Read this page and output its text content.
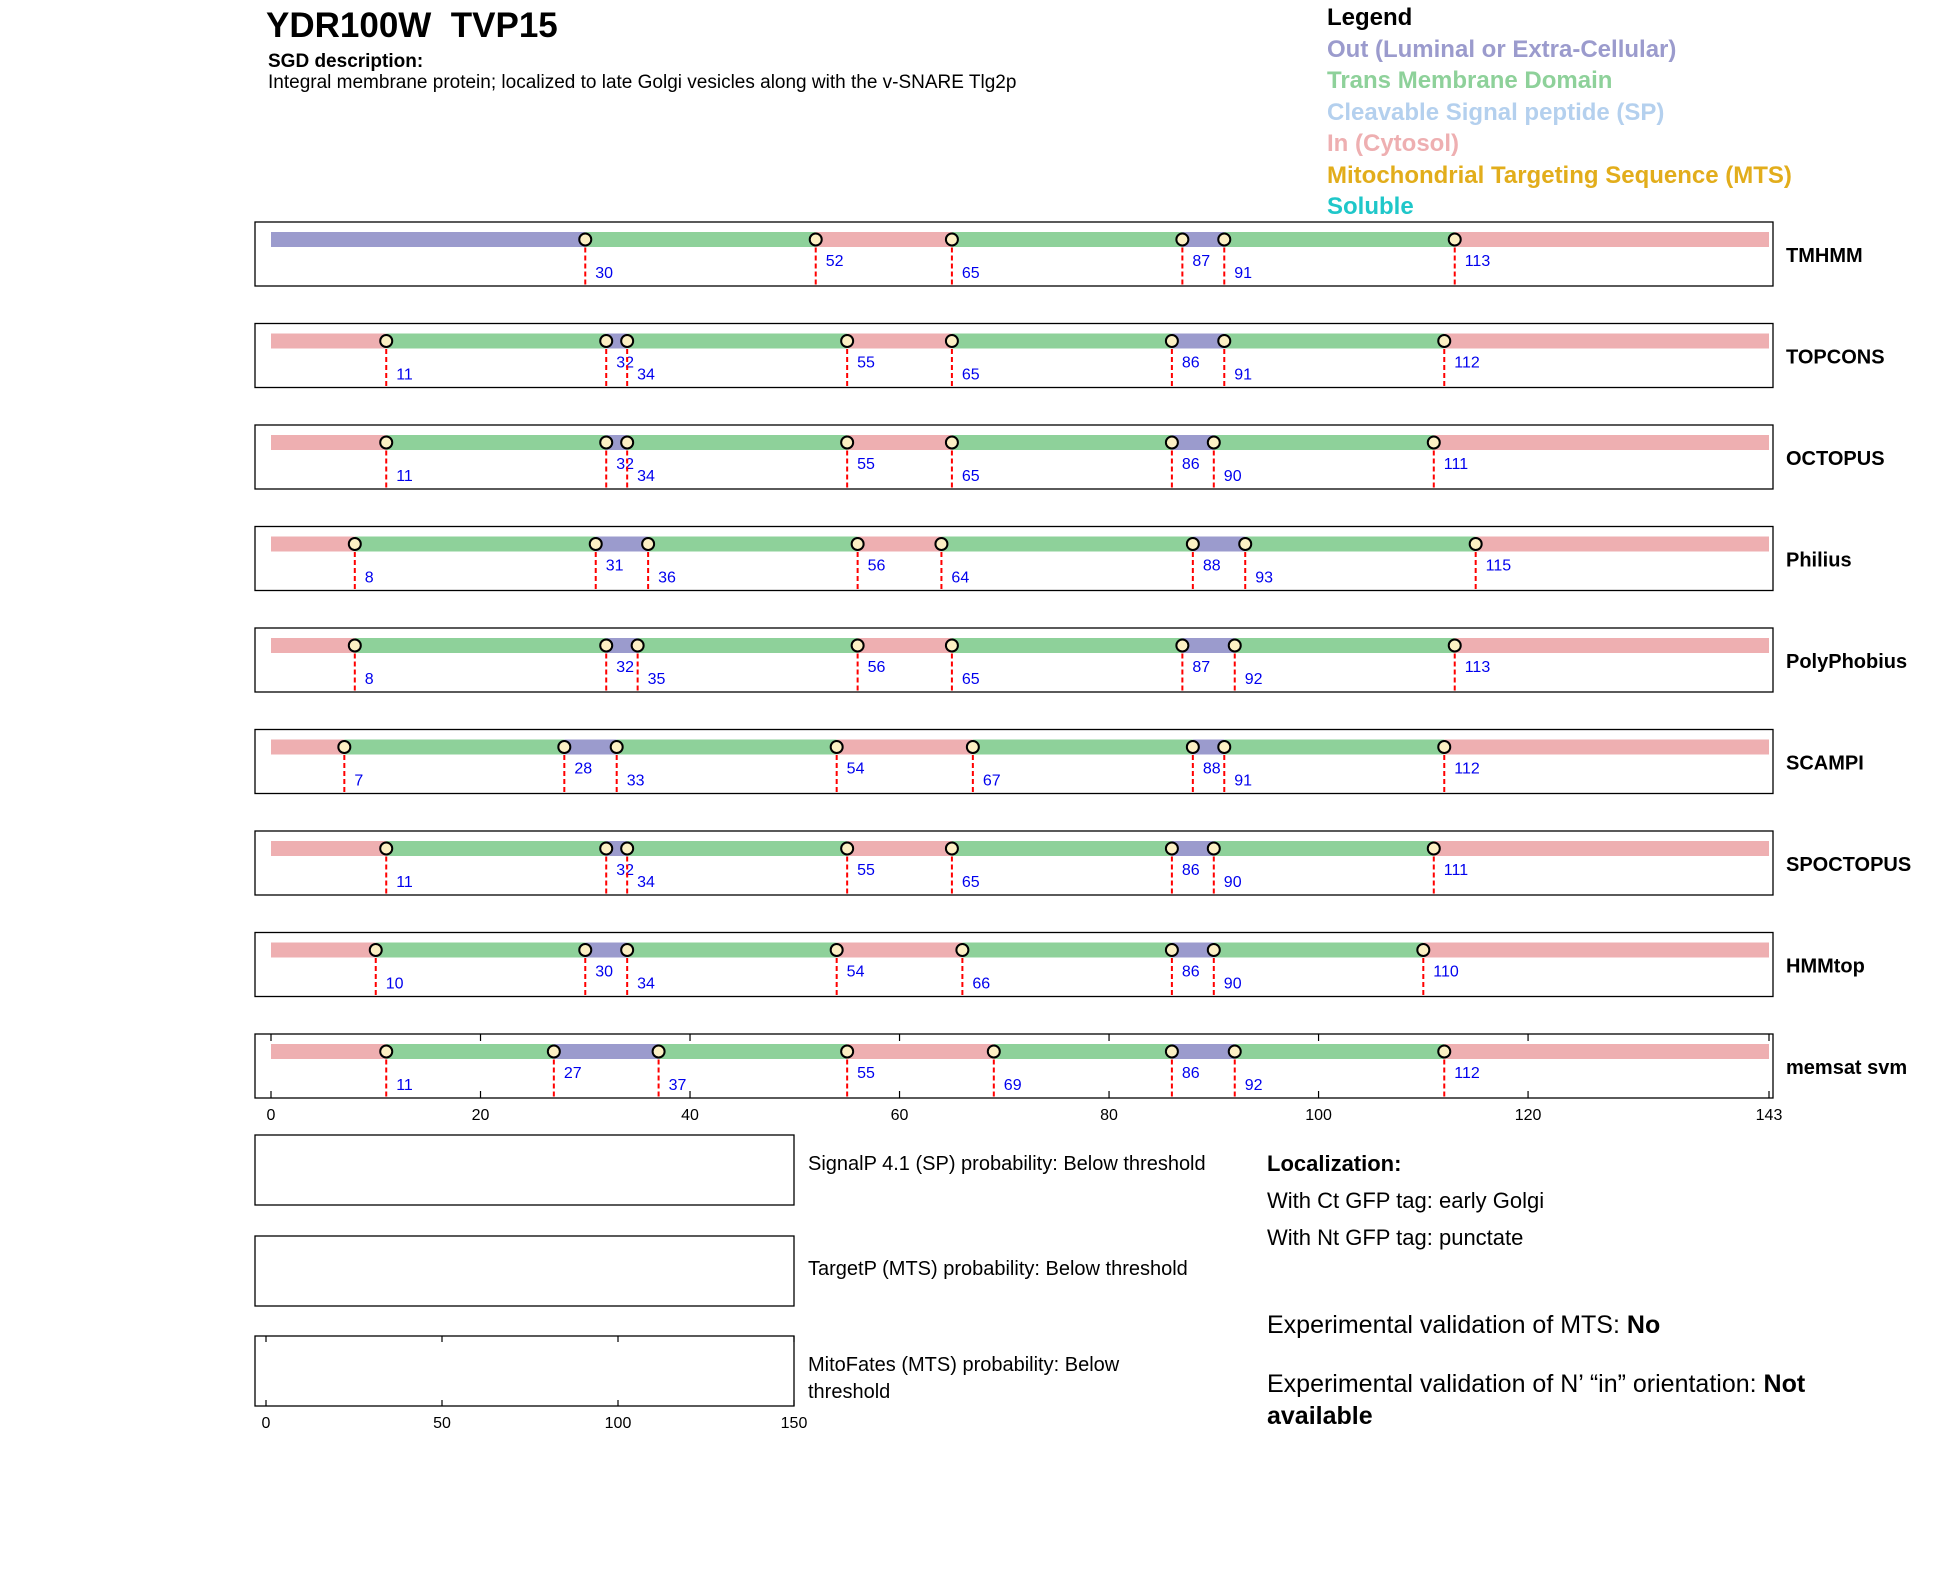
YDR100W  TVP15
SGD description:
Integral membrane protein; localized to late Golgi vesicles along with the v-SNARE Tlg2p
Legend
Out (Luminal or Extra-Cellular)
Trans Membrane Domain
Cleavable Signal peptide (SP)
In (Cytosol)
Mitochondrial Targeting Sequence (MTS)
Soluble
30
52
65
87
91
113	TMHMM
11
32
34
55
65
86
91
112	TOPCONS
11
32
34
55
65
86
90
111	OCTOPUS
8
31
36
56
64
88
93
115	Philius
8
32
35
56
65
87
92
113	PolyPhobius
7
28
33
54
67
88
91
112	SCAMPI
11
32
34
55
65
86
90
111	SPOCTOPUS
10
30
34
54
66
86
90
110	HMMtop
11
27
37
55
69
86
92
112	memsat svm
0	20	40	60	80	100	120	143
0	50	100	150
SignalP 4.1 (SP) probability: Below threshold
TargetP (MTS) probability: Below threshold
MitoFates (MTS) probability: Below
threshold
Localization:
With Ct GFP tag: early Golgi
With Nt GFP tag: punctate
Experimental validation of MTS: No
Experimental validation of N’ “in” orientation: Not
available
